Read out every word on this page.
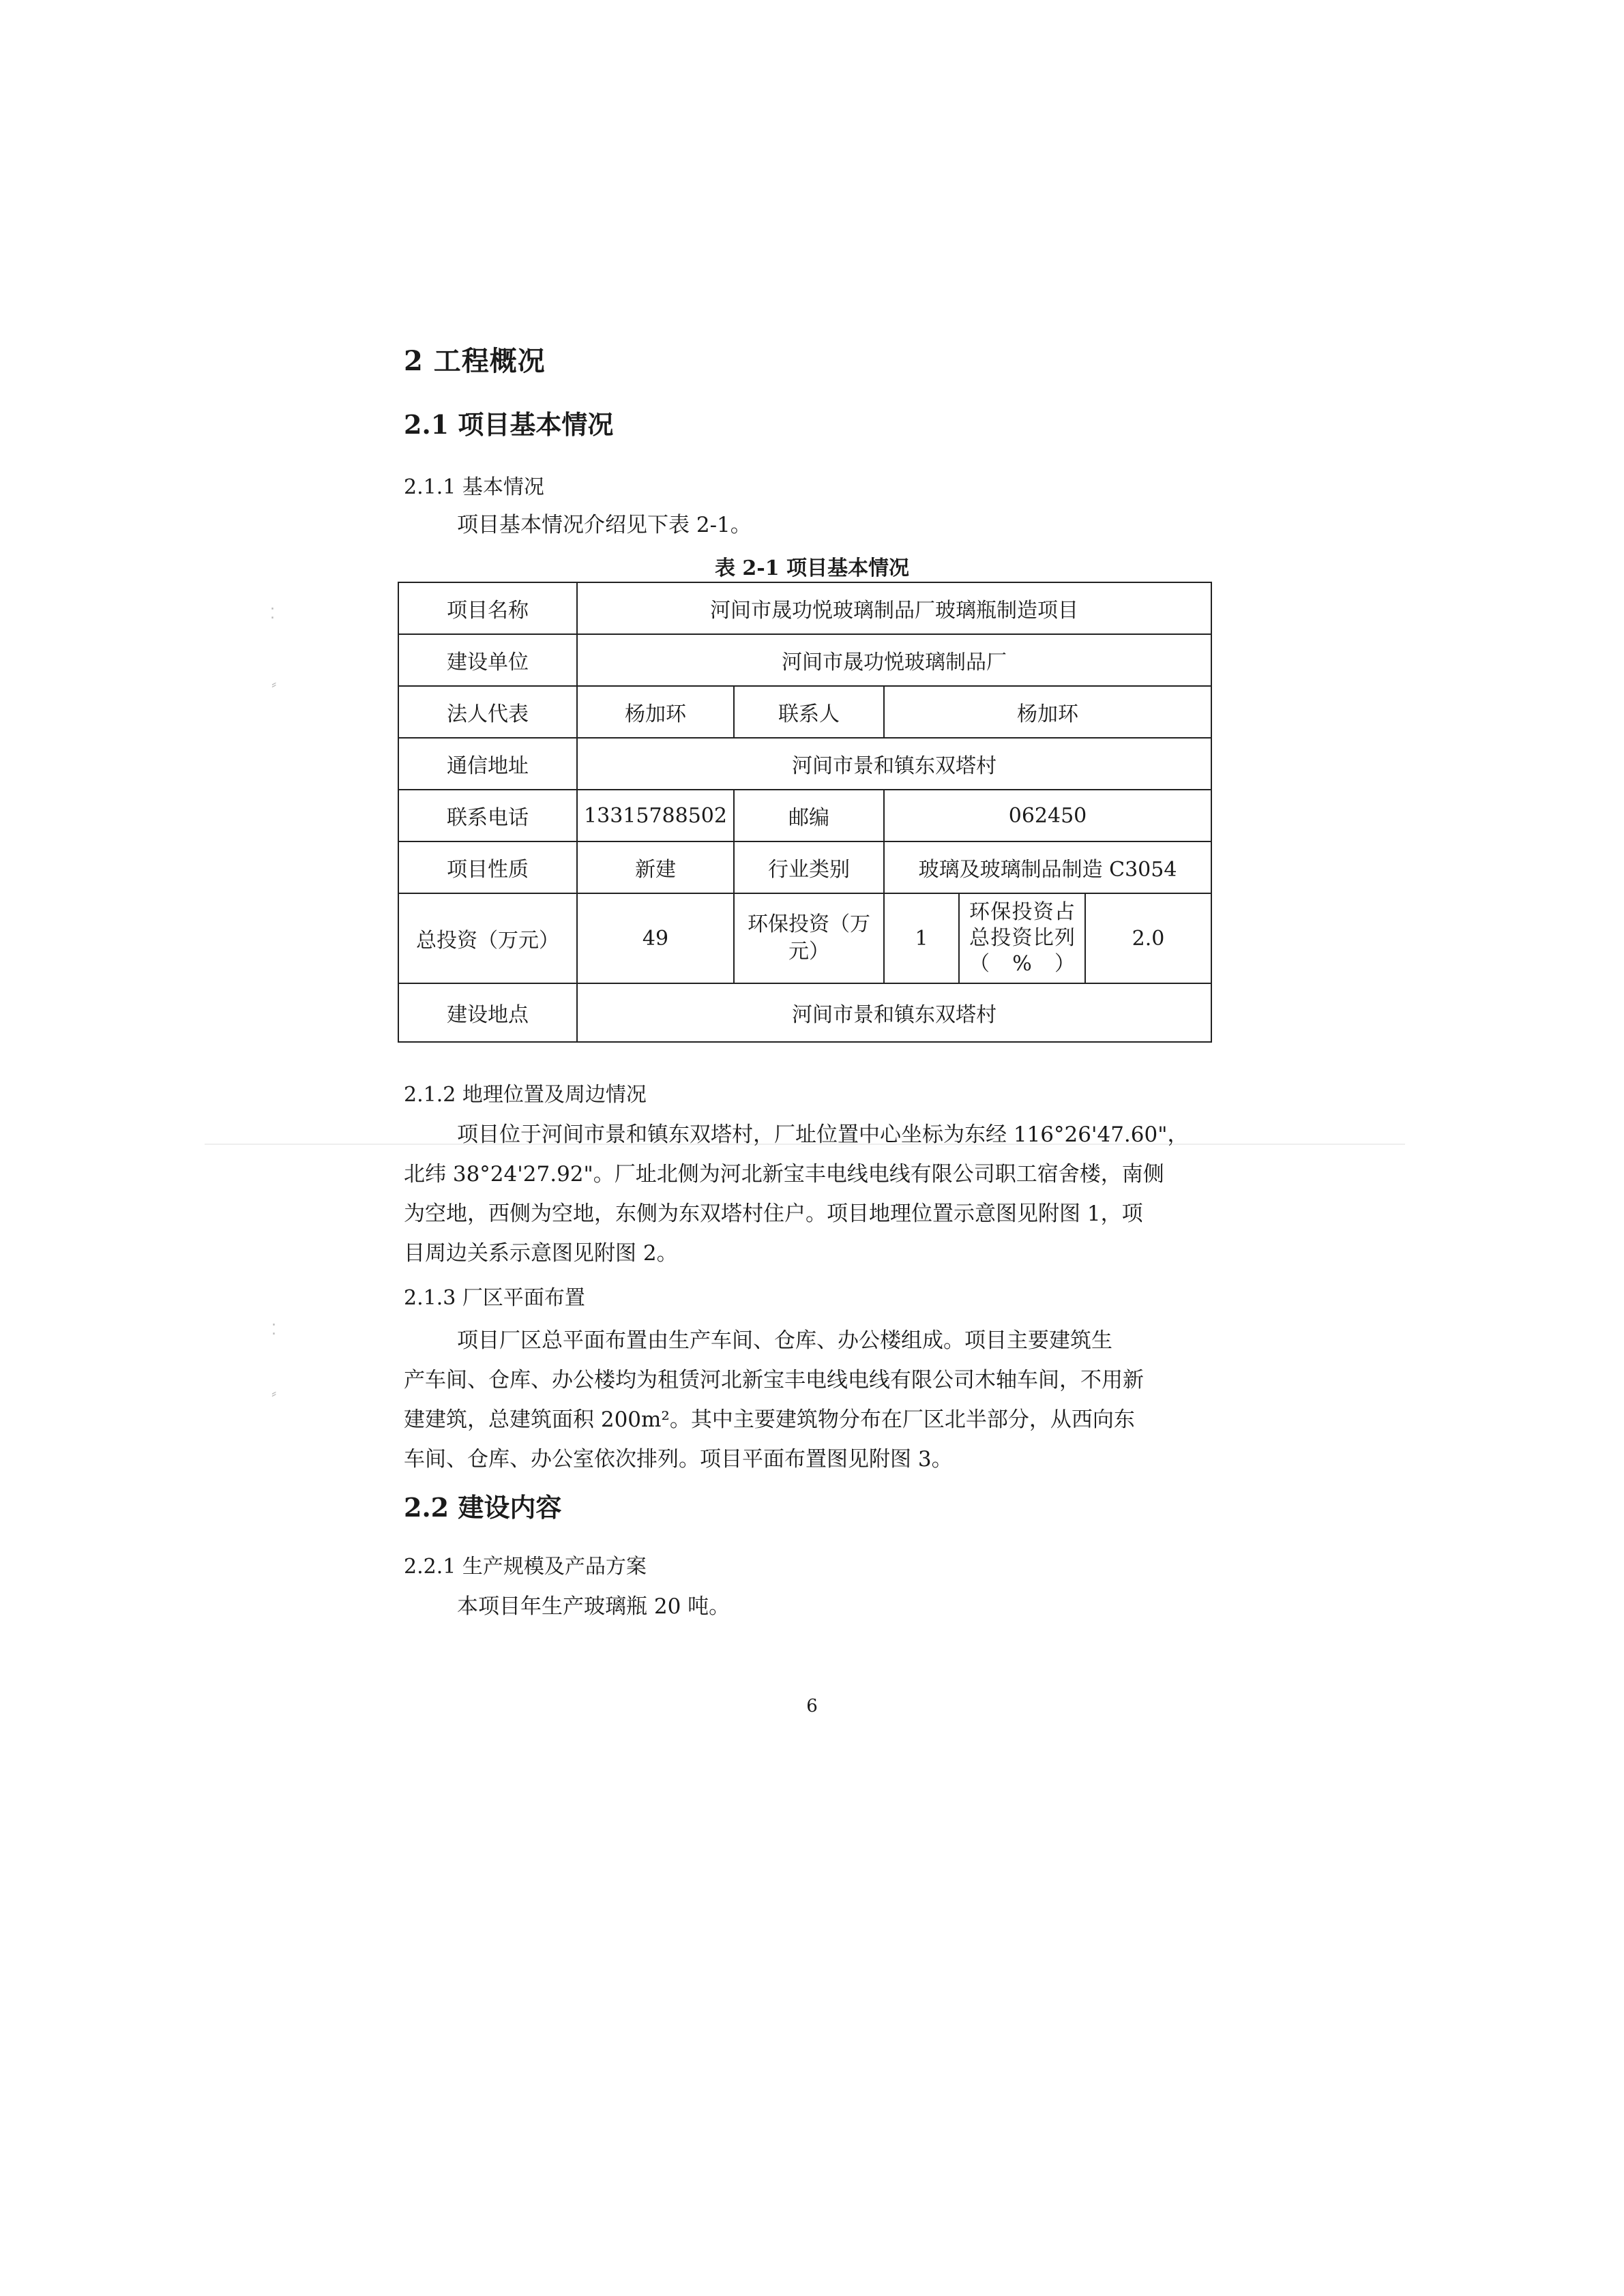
⁚
⸗
⁚
⸗
2 工程概况
2.1 项目基本情况
2.1.1 基本情况
项目基本情况介绍见下表 2-1。
表 2-1 项目基本情况
项目名称	河间市晟功悦玻璃制品厂玻璃瓶制造项目				
建设单位	河间市晟功悦玻璃制品厂				
法人代表	杨加环	联系人	杨加环		
通信地址	河间市景和镇东双塔村				
联系电话	13315788502	邮编	062450		
项目性质	新建	行业类别	玻璃及玻璃制品制造 C3054		
总投资（万元）	49	环保投资（万元）	1	环保投资占总投资比列（%）	2.0
建设地点	河间市景和镇东双塔村				
2.1.2 地理位置及周边情况
项目位于河间市景和镇东双塔村，厂址位置中心坐标为东经 116°26'47.60"，
北纬 38°24'27.92"。厂址北侧为河北新宝丰电线电线有限公司职工宿舍楼，南侧
为空地，西侧为空地，东侧为东双塔村住户。项目地理位置示意图见附图 1，项
目周边关系示意图见附图 2。
2.1.3 厂区平面布置
项目厂区总平面布置由生产车间、仓库、办公楼组成。项目主要建筑生
产车间、仓库、办公楼均为租赁河北新宝丰电线电线有限公司木轴车间，不用新
建建筑，总建筑面积 200m²。其中主要建筑物分布在厂区北半部分，从西向东
车间、仓库、办公室依次排列。项目平面布置图见附图 3。
2.2 建设内容
2.2.1 生产规模及产品方案
本项目年生产玻璃瓶 20 吨。
6
